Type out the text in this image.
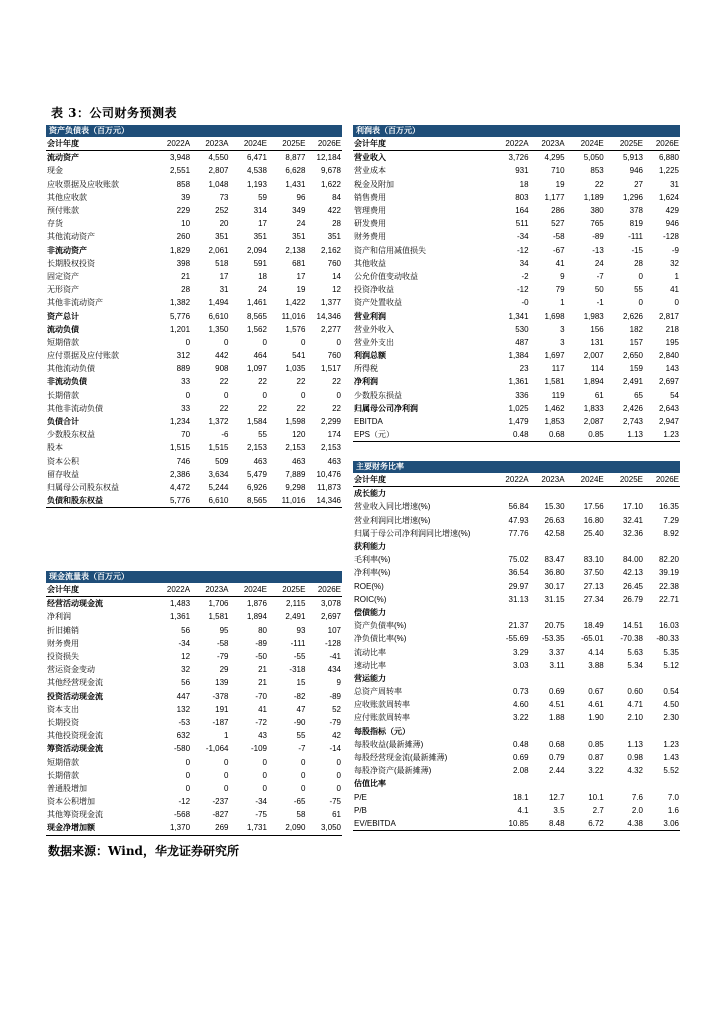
表 3：公司财务预测表
资产负债表（百万元）
会计年度	2022A	2023A	2024E	2025E	2026E
流动资产	3,948	4,550	6,471	8,877	12,184
现金	2,551	2,807	4,538	6,628	9,678
应收票据及应收账款	858	1,048	1,193	1,431	1,622
其他应收款	39	73	59	96	84
预付账款	229	252	314	349	422
存货	10	20	17	24	28
其他流动资产	260	351	351	351	351
非流动资产	1,829	2,061	2,094	2,138	2,162
长期股权投资	398	518	591	681	760
固定资产	21	17	18	17	14
无形资产	28	31	24	19	12
其他非流动资产	1,382	1,494	1,461	1,422	1,377
资产总计	5,776	6,610	8,565	11,016	14,346
流动负债	1,201	1,350	1,562	1,576	2,277
短期借款	0	0	0	0	0
应付票据及应付账款	312	442	464	541	760
其他流动负债	889	908	1,097	1,035	1,517
非流动负债	33	22	22	22	22
长期借款	0	0	0	0	0
其他非流动负债	33	22	22	22	22
负债合计	1,234	1,372	1,584	1,598	2,299
少数股东权益	70	-6	55	120	174
股本	1,515	1,515	2,153	2,153	2,153
资本公积	746	509	463	463	463
留存收益	2,386	3,634	5,479	7,889	10,476
归属母公司股东权益	4,472	5,244	6,926	9,298	11,873
负债和股东权益	5,776	6,610	8,565	11,016	14,346
利润表（百万元）
会计年度	2022A	2023A	2024E	2025E	2026E
营业收入	3,726	4,295	5,050	5,913	6,880
营业成本	931	710	853	946	1,225
税金及附加	18	19	22	27	31
销售费用	803	1,177	1,189	1,296	1,624
管理费用	164	286	380	378	429
研发费用	511	527	765	819	946
财务费用	-34	-58	-89	-111	-128
资产和信用减值损失	-12	-67	-13	-15	-9
其他收益	34	41	24	28	32
公允价值变动收益	-2	9	-7	0	1
投资净收益	-12	79	50	55	41
资产处置收益	-0	1	-1	0	0
营业利润	1,341	1,698	1,983	2,626	2,817
营业外收入	530	3	156	182	218
营业外支出	487	3	131	157	195
利润总额	1,384	1,697	2,007	2,650	2,840
所得税	23	117	114	159	143
净利润	1,361	1,581	1,894	2,491	2,697
少数股东损益	336	119	61	65	54
归属母公司净利润	1,025	1,462	1,833	2,426	2,643
EBITDA	1,479	1,853	2,087	2,743	2,947
EPS（元）	0.48	0.68	0.85	1.13	1.23
主要财务比率
会计年度	2022A	2023A	2024E	2025E	2026E
成长能力					
营业收入同比增速(%)	56.84	15.30	17.56	17.10	16.35
营业利润同比增速(%)	47.93	26.63	16.80	32.41	7.29
归属于母公司净利润同比增速(%)	77.76	42.58	25.40	32.36	8.92
获利能力					
毛利率(%)	75.02	83.47	83.10	84.00	82.20
净利率(%)	36.54	36.80	37.50	42.13	39.19
ROE(%)	29.97	30.17	27.13	26.45	22.38
ROIC(%)	31.13	31.15	27.34	26.79	22.71
偿债能力					
资产负债率(%)	21.37	20.75	18.49	14.51	16.03
净负债比率(%)	-55.69	-53.35	-65.01	-70.38	-80.33
流动比率	3.29	3.37	4.14	5.63	5.35
速动比率	3.03	3.11	3.88	5.34	5.12
营运能力					
总资产周转率	0.73	0.69	0.67	0.60	0.54
应收账款周转率	4.60	4.51	4.61	4.71	4.50
应付账款周转率	3.22	1.88	1.90	2.10	2.30
每股指标（元）					
每股收益(最新摊薄)	0.48	0.68	0.85	1.13	1.23
每股经营现金流(最新摊薄)	0.69	0.79	0.87	0.98	1.43
每股净资产(最新摊薄)	2.08	2.44	3.22	4.32	5.52
估值比率					
P/E	18.1	12.7	10.1	7.6	7.0
P/B	4.1	3.5	2.7	2.0	1.6
EV/EBITDA	10.85	8.48	6.72	4.38	3.06
现金流量表（百万元）
会计年度	2022A	2023A	2024E	2025E	2026E
经营活动现金流	1,483	1,706	1,876	2,115	3,078
净利润	1,361	1,581	1,894	2,491	2,697
折旧摊销	56	95	80	93	107
财务费用	-34	-58	-89	-111	-128
投资损失	12	-79	-50	-55	-41
营运资金变动	32	29	21	-318	434
其他经营现金流	56	139	21	15	9
投资活动现金流	447	-378	-70	-82	-89
资本支出	132	191	41	47	52
长期投资	-53	-187	-72	-90	-79
其他投资现金流	632	1	43	55	42
筹资活动现金流	-580	-1,064	-109	-7	-14
短期借款	0	0	0	0	0
长期借款	0	0	0	0	0
普通股增加	0	0	0	0	0
资本公积增加	-12	-237	-34	-65	-75
其他筹资现金流	-568	-827	-75	58	61
现金净增加额	1,370	269	1,731	2,090	3,050
数据来源：Wind，华龙证券研究所
